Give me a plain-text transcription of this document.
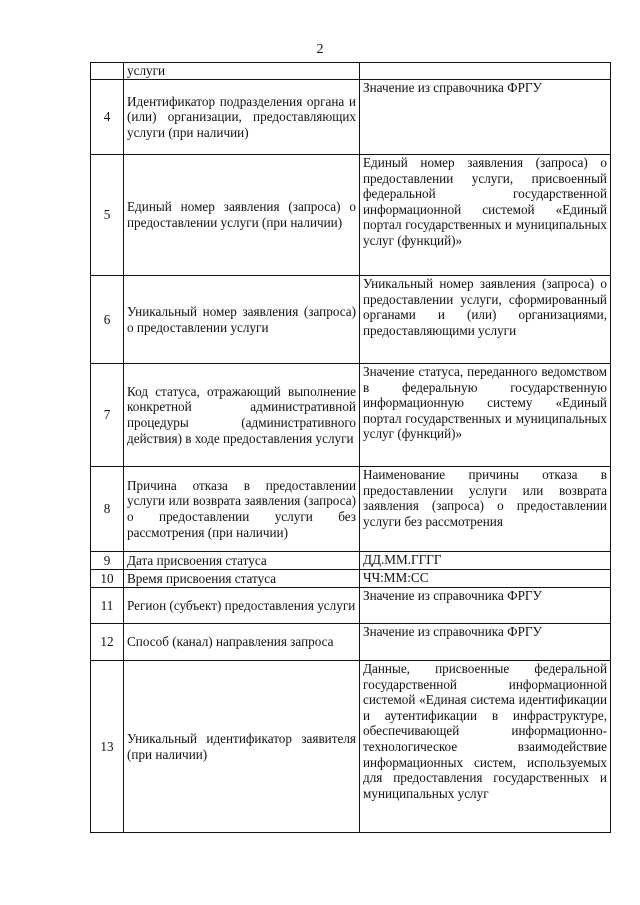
2
	услуги	
4	Идентификатор подразделения органа и (или) организации, предоставляющих услуги (при наличии)	Значение из справочника ФРГУ
5	Единый номер заявления (запроса) о предоставлении услуги (при наличии)	Единый номер заявления (запроса) о предоставлении услуги, присвоенный федеральной государственной информационной системой «Единый портал государственных и муниципальных услуг (функций)»
6	Уникальный номер заявления (запроса) о предоставлении услуги	Уникальный номер заявления (запроса) о предоставлении услуги, сформированный органами и (или) организациями, предоставляющими услуги
7	Код статуса, отражающий выполнение конкретной административной процедуры (административного действия) в ходе предоставления услуги	Значение статуса, переданного ведомством в федеральную государственную информационную систему «Единый портал государственных и муниципальных услуг (функций)»
8	Причина отказа в предоставлении услуги или возврата заявления (запроса) о предоставлении услуги без рассмотрения (при наличии)	Наименование причины отказа в предоставлении услуги или возврата заявления (запроса) о предоставлении услуги без рассмотрения
9	Дата присвоения статуса	ДД.ММ.ГГГГ
10	Время присвоения статуса	ЧЧ:ММ:СС
11	Регион (субъект) предоставления услуги	Значение из справочника ФРГУ
12	Способ (канал) направления запроса	Значение из справочника ФРГУ
13	Уникальный идентификатор заявителя (при наличии)	Данные, присвоенные федеральной государственной информационной системой «Единая система идентификации и аутентификации в инфраструктуре, обеспечивающей информационно-технологическое взаимодействие информационных систем, используемых для предоставления государственных и муниципальных услуг
